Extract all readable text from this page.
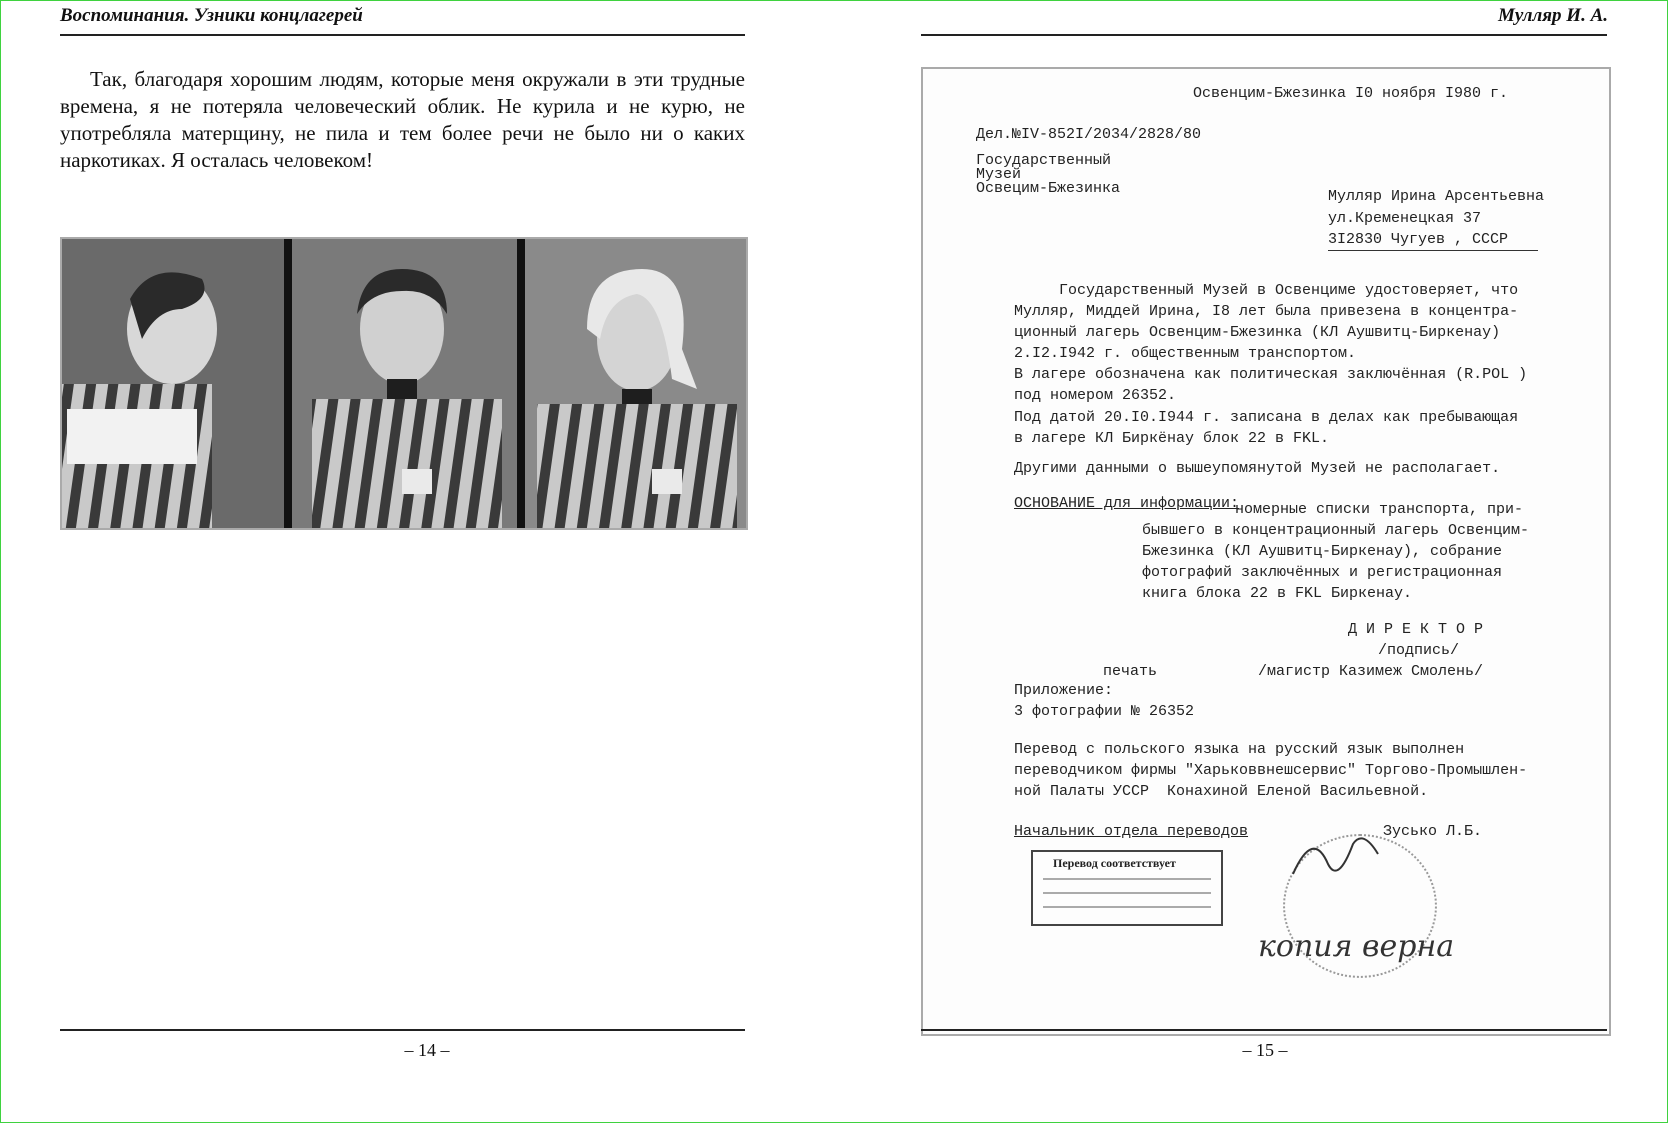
Воспоминания. Узники концлагерей

Так, благодаря хорошим людям, которые меня окружали в эти трудные времена, я не потеряла человеческий облик. Не курила и не курю, не употребляла матерщину, не пила и тем более речи не было ни о каких наркотиках. Я осталась человеком!

– 14 –
Мулляр И. А.
Освенцим-Бжезинка I0 ноября I980 г.
Дел.№IV-852I/2034/2828/80
Государственный
Музей
Освецим-Бжезинка	Мулляр Ирина Арсентьевна
ул.Кременецкая 37
3I2830 Чугуев , СССР
Государственный Музей в Освенциме удостоверяет, что
Мулляр, Миддей Ирина, I8 лет была привезена в концентра-
ционный лагерь Освенцим-Бжезинка (КЛ Аушвитц-Биркенау)
2.I2.I942 г. общественным транспортом.
В лагере обозначена как политическая заключённая (R.POL )
под номером 26352.
Под датой 20.I0.I944 г. записана в делах как пребывающая
в лагере КЛ Биркёнау блок 22 в FKL.
Другими данными о вышеупомянутой Музей не располагает.
ОСНОВАНИЕ для информации:
номерные списки транспорта, при-
бывшего в концентрационный лагерь Освенцим-
Бжезинка (КЛ Аушвитц-Биркенау), собрание
фотографий заключённых и регистрационная
книга блока 22 в FKL Биркенау.
Д И Р Е К Т О Р
/подпись/
печать	/магистр Казимеж Смолень/
Приложение:
3 фотографии № 26352
Перевод с польского языка на русский язык выполнен
переводчиком фирмы "Харьковвнешсервис" Торгово-Промышлен-
ной Палаты УССР  Конахиной Еленой Васильевной.
Начальник отдела переводов	Зусько Л.Б.
Перевод соответствует
копия верна
– 15 –
